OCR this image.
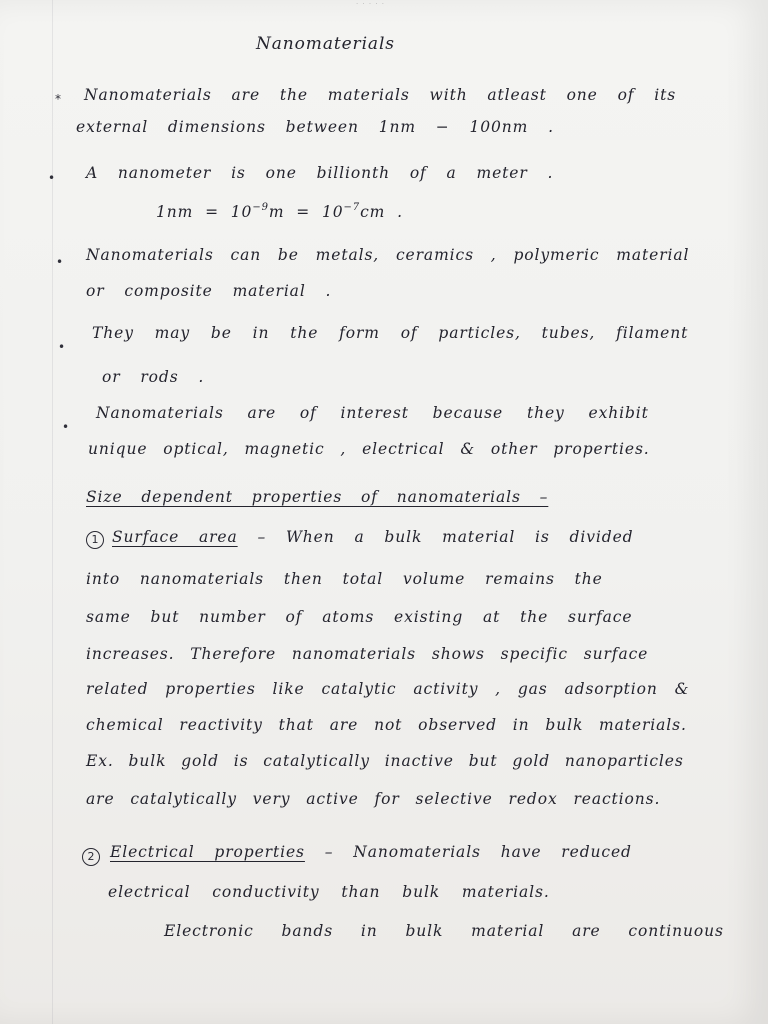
· · · · ·
Nanomaterials
* Nanomaterials are the materials with atleast one of its
external dimensions between 1nm − 100nm .
• A nanometer is one billionth of a meter .
$1nm = 10^{-9}m = 10^{-7}cm$ .
• Nanomaterials can be metals, ceramics , polymeric material
or composite material .
•
They may be in the form of particles, tubes, filament
or rods .
•
Nanomaterials are of interest because they exhibit
unique optical, magnetic , electrical & other properties.
Size dependent properties of nanomaterials –
1 Surface area – When a bulk material is divided
into nanomaterials then total volume remains the
same but number of atoms existing at the surface
increases. Therefore nanomaterials shows specific surface
related properties like catalytic activity , gas adsorption &
chemical reactivity that are not observed in bulk materials.
Ex. bulk gold is catalytically inactive but gold nanoparticles
are catalytically very active for selective redox reactions.
2	Electrical properties – Nanomaterials have reduced
electrical conductivity than bulk materials.
Electronic bands in bulk material are continuous
